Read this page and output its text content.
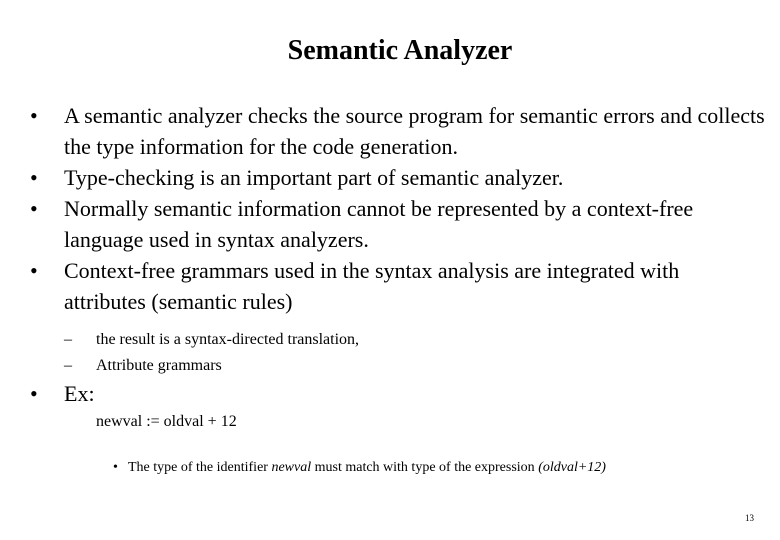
Semantic Analyzer
•	A semantic analyzer checks the source program for semantic errors and collects the type information for the code generation.
•	Type-checking is an important part of semantic analyzer.
•	Normally semantic information cannot be represented by a context-free language used in syntax analyzers.
•	Context-free grammars used in the syntax analysis are integrated with attributes (semantic rules)
– the result is a syntax-directed translation,
– Attribute grammars
• Ex:
newval := oldval + 12
• The type of the identifier newval must match with type of the expression (oldval+12)
13
